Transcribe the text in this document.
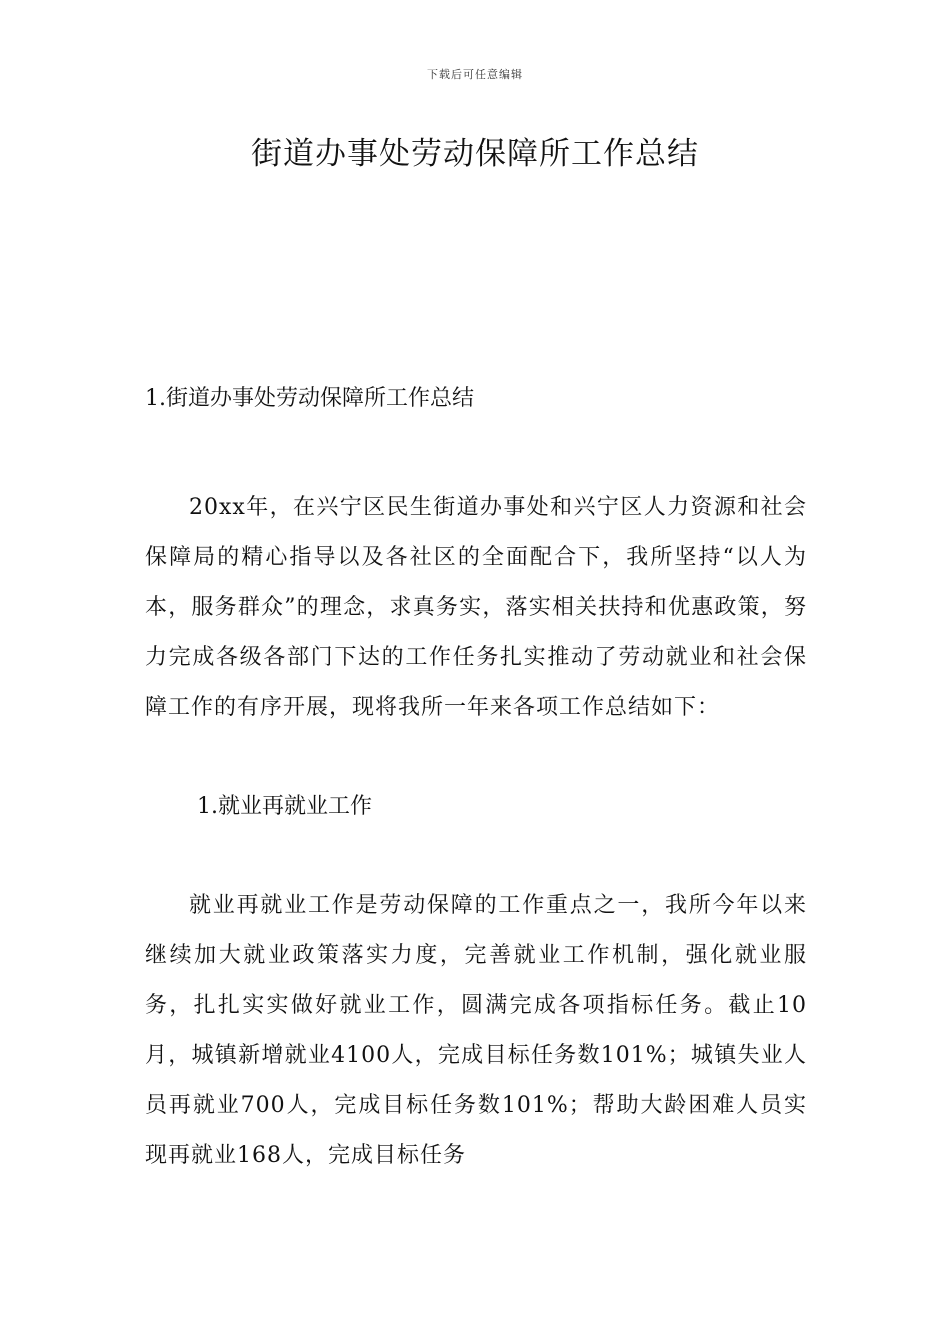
下载后可任意编辑
街道办事处劳动保障所工作总结

1.街道办事处劳动保障所工作总结

20xx年，在兴宁区民生街道办事处和兴宁区人力资源和社会保障局的精心指导以及各社区的全面配合下，我所坚持“以人为本，服务群众”的理念，求真务实，落实相关扶持和优惠政策，努力完成各级各部门下达的工作任务扎实推动了劳动就业和社会保障工作的有序开展，现将我所一年来各项工作总结如下：

1.就业再就业工作

就业再就业工作是劳动保障的工作重点之一，我所今年以来继续加大就业政策落实力度，完善就业工作机制，强化就业服务，扎扎实实做好就业工作，圆满完成各项指标任务。截止10月，城镇新增就业4100人，完成目标任务数101%；城镇失业人员再就业700人，完成目标任务数101%；帮助大龄困难人员实现再就业168人，完成目标任务
